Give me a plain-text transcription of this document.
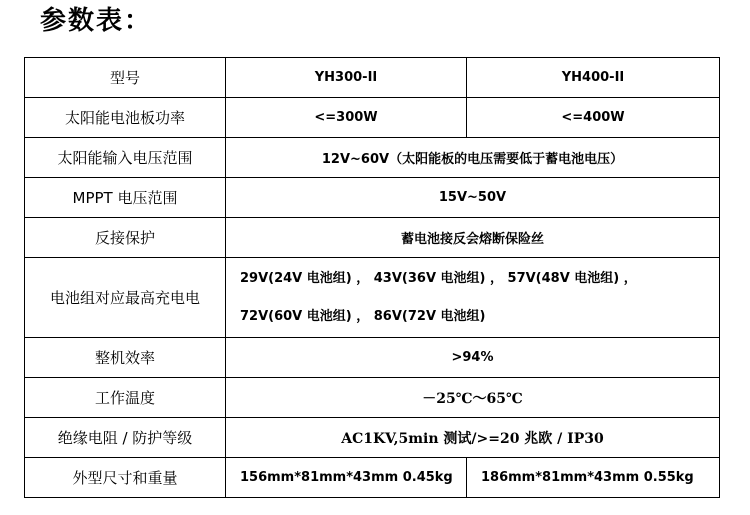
参数表：
型号	YH300-II	YH400-II
太阳能电池板功率	<=300W	<=400W
太阳能输入电压范围	12V~60V（太阳能板的电压需要低于蓄电池电压）	
MPPT 电压范围	15V~50V	
反接保护	蓄电池接反会熔断保险丝	
电池组对应最高充电电	29V(24V 电池组) ， 43V(36V 电池组) ， 57V(48V 电池组) ，
72V(60V 电池组) ， 86V(72V 电池组)	

整机效率	>94%	
工作温度	－25℃～65℃	
绝缘电阻 / 防护等级	AC1KV,5min 测试/>=20 兆欧 / IP30	
外型尺寸和重量	156mm*81mm*43mm 0.45kg	186mm*81mm*43mm 0.55kg
